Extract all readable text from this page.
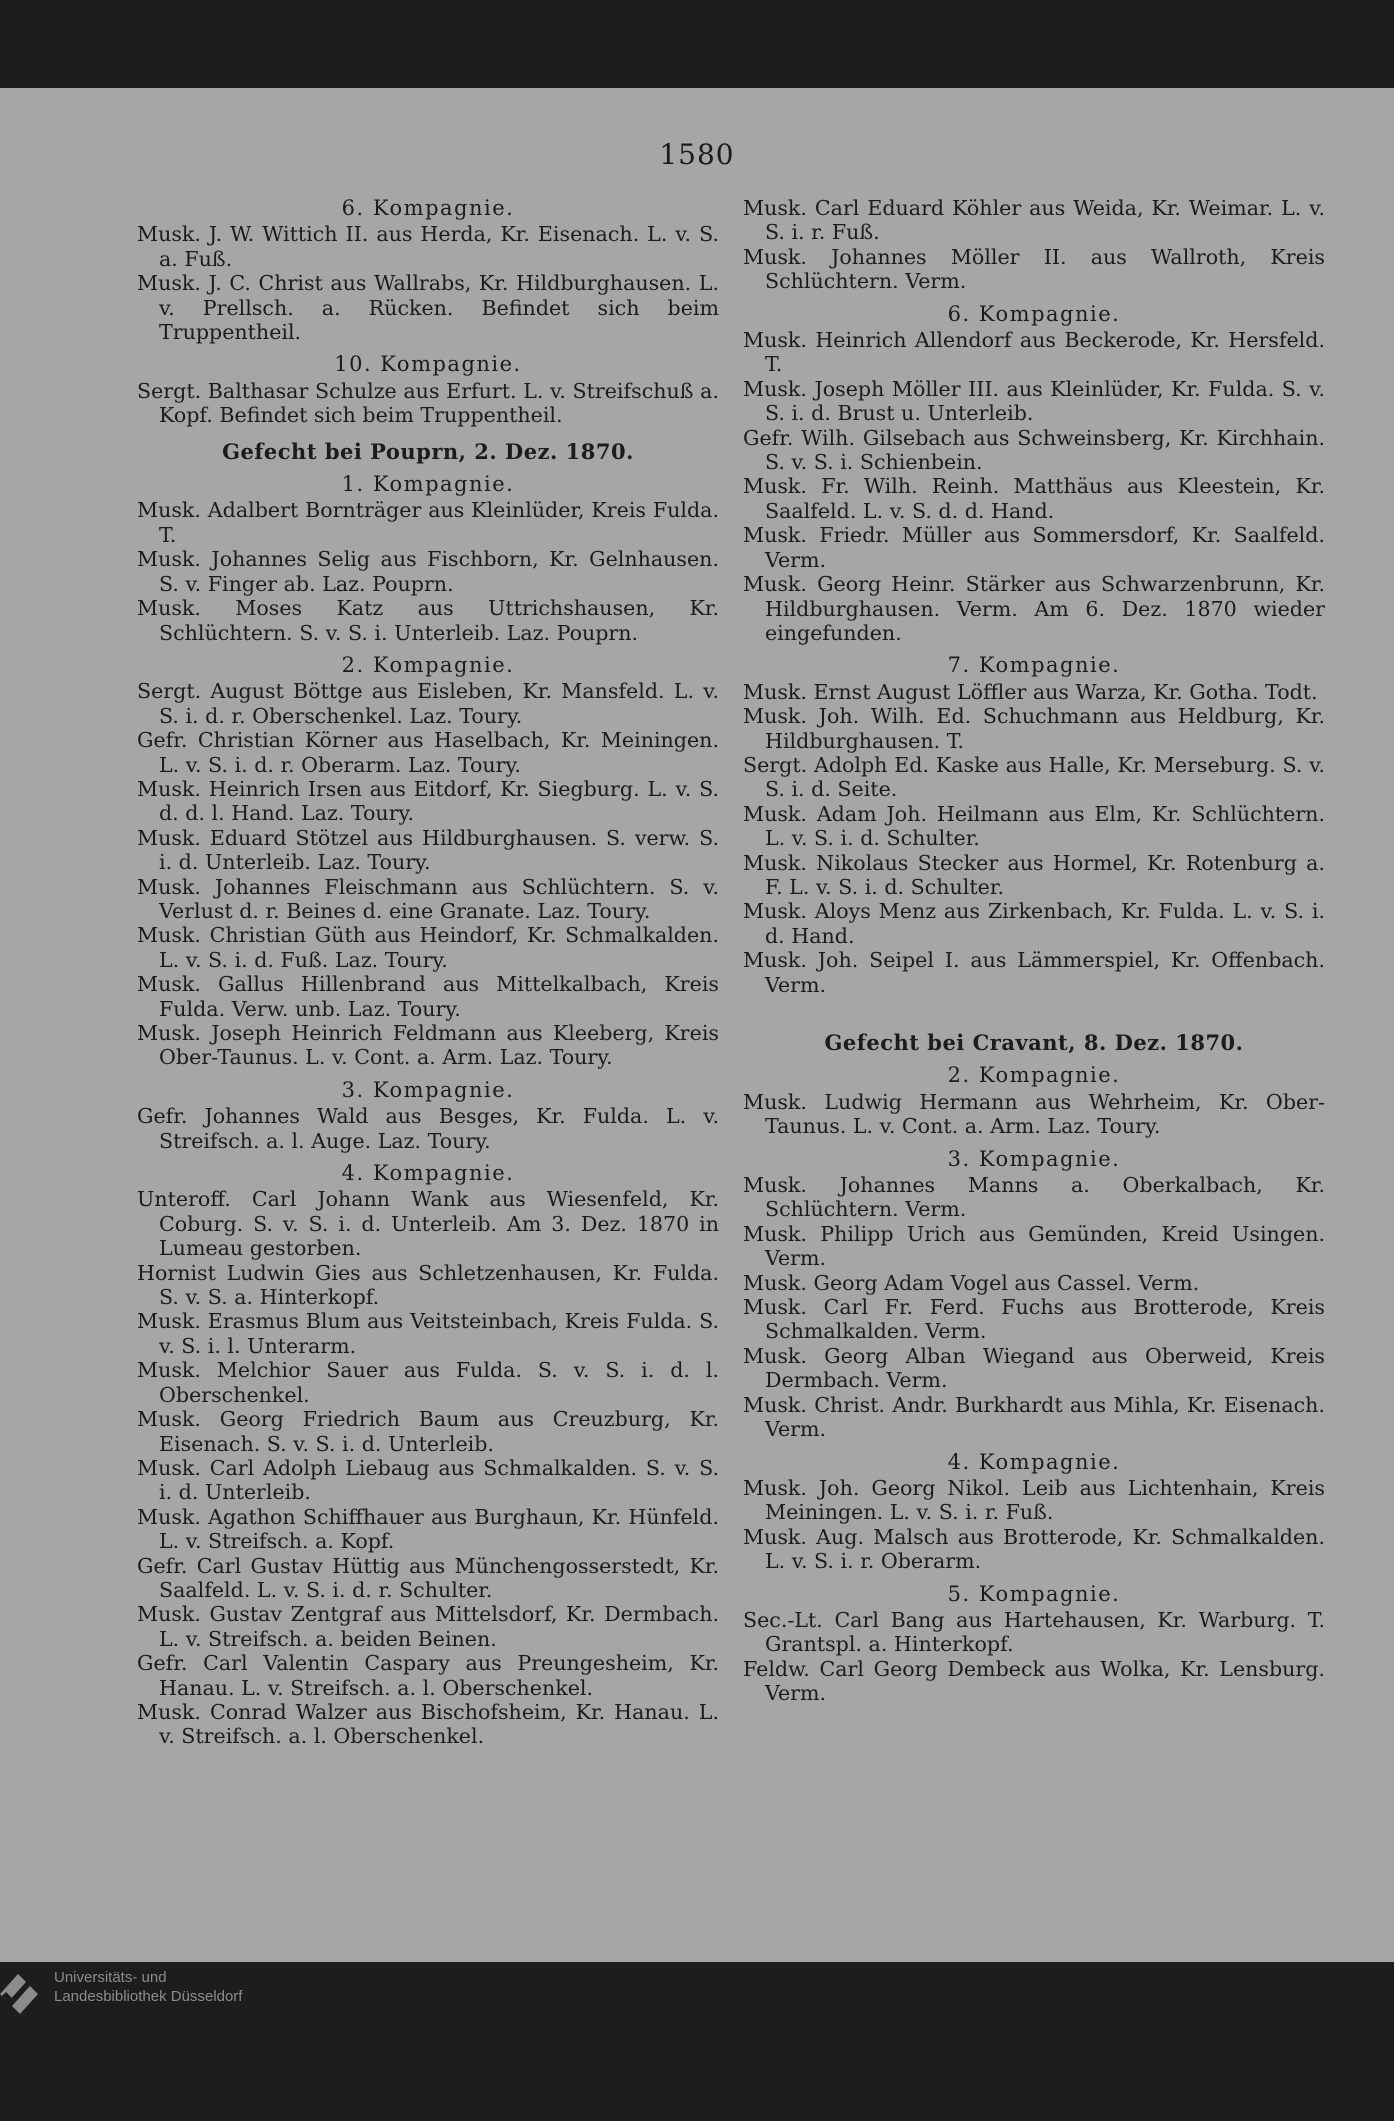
1580
6. Kompagnie.
Musk. J. W. Wittich II. aus Herda, Kr. Eisenach. L. v. S. a. Fuß.
Musk. J. C. Christ aus Wallrabs, Kr. Hildburghausen. L. v. Prellsch. a. Rücken. Befindet sich beim Truppentheil.
10. Kompagnie.
Sergt. Balthasar Schulze aus Erfurt. L. v. Streifschuß a. Kopf. Befindet sich beim Truppentheil.
Gefecht bei Pouprn, 2. Dez. 1870.
1. Kompagnie.
Musk. Adalbert Bornträger aus Kleinlüder, Kreis Fulda. T.
Musk. Johannes Selig aus Fischborn, Kr. Gelnhausen. S. v. Finger ab. Laz. Pouprn.
Musk. Moses Katz aus Uttrichshausen, Kr. Schlüchtern. S. v. S. i. Unterleib. Laz. Pouprn.
2. Kompagnie.
Sergt. August Böttge aus Eisleben, Kr. Mansfeld. L. v. S. i. d. r. Oberschenkel. Laz. Toury.
Gefr. Christian Körner aus Haselbach, Kr. Meiningen. L. v. S. i. d. r. Oberarm. Laz. Toury.
Musk. Heinrich Irsen aus Eitdorf, Kr. Siegburg. L. v. S. d. d. l. Hand. Laz. Toury.
Musk. Eduard Stötzel aus Hildburghausen. S. verw. S. i. d. Unterleib. Laz. Toury.
Musk. Johannes Fleischmann aus Schlüchtern. S. v. Verlust d. r. Beines d. eine Granate. Laz. Toury.
Musk. Christian Güth aus Heindorf, Kr. Schmalkalden. L. v. S. i. d. Fuß. Laz. Toury.
Musk. Gallus Hillenbrand aus Mittelkalbach, Kreis Fulda. Verw. unb. Laz. Toury.
Musk. Joseph Heinrich Feldmann aus Kleeberg, Kreis Ober-Taunus. L. v. Cont. a. Arm. Laz. Toury.
3. Kompagnie.
Gefr. Johannes Wald aus Besges, Kr. Fulda. L. v. Streifsch. a. l. Auge. Laz. Toury.
4. Kompagnie.
Unteroff. Carl Johann Wank aus Wiesenfeld, Kr. Coburg. S. v. S. i. d. Unterleib. Am 3. Dez. 1870 in Lumeau gestorben.
Hornist Ludwin Gies aus Schletzenhausen, Kr. Fulda. S. v. S. a. Hinterkopf.
Musk. Erasmus Blum aus Veitsteinbach, Kreis Fulda. S. v. S. i. l. Unterarm.
Musk. Melchior Sauer aus Fulda. S. v. S. i. d. l. Oberschenkel.
Musk. Georg Friedrich Baum aus Creuzburg, Kr. Eisenach. S. v. S. i. d. Unterleib.
Musk. Carl Adolph Liebaug aus Schmalkalden. S. v. S. i. d. Unterleib.
Musk. Agathon Schiffhauer aus Burghaun, Kr. Hünfeld. L. v. Streifsch. a. Kopf.
Gefr. Carl Gustav Hüttig aus Münchengosserstedt, Kr. Saalfeld. L. v. S. i. d. r. Schulter.
Musk. Gustav Zentgraf aus Mittelsdorf, Kr. Dermbach. L. v. Streifsch. a. beiden Beinen.
Gefr. Carl Valentin Caspary aus Preungesheim, Kr. Hanau. L. v. Streifsch. a. l. Oberschenkel.
Musk. Conrad Walzer aus Bischofsheim, Kr. Hanau. L. v. Streifsch. a. l. Oberschenkel.
Musk. Carl Eduard Köhler aus Weida, Kr. Weimar. L. v. S. i. r. Fuß.
Musk. Johannes Möller II. aus Wallroth, Kreis Schlüchtern. Verm.
6. Kompagnie.
Musk. Heinrich Allendorf aus Beckerode, Kr. Hersfeld. T.
Musk. Joseph Möller III. aus Kleinlüder, Kr. Fulda. S. v. S. i. d. Brust u. Unterleib.
Gefr. Wilh. Gilsebach aus Schweinsberg, Kr. Kirchhain. S. v. S. i. Schienbein.
Musk. Fr. Wilh. Reinh. Matthäus aus Kleestein, Kr. Saalfeld. L. v. S. d. d. Hand.
Musk. Friedr. Müller aus Sommersdorf, Kr. Saalfeld. Verm.
Musk. Georg Heinr. Stärker aus Schwarzenbrunn, Kr. Hildburghausen. Verm. Am 6. Dez. 1870 wieder eingefunden.
7. Kompagnie.
Musk. Ernst August Löffler aus Warza, Kr. Gotha. Todt.
Musk. Joh. Wilh. Ed. Schuchmann aus Heldburg, Kr. Hildburghausen. T.
Sergt. Adolph Ed. Kaske aus Halle, Kr. Merseburg. S. v. S. i. d. Seite.
Musk. Adam Joh. Heilmann aus Elm, Kr. Schlüchtern. L. v. S. i. d. Schulter.
Musk. Nikolaus Stecker aus Hormel, Kr. Rotenburg a. F. L. v. S. i. d. Schulter.
Musk. Aloys Menz aus Zirkenbach, Kr. Fulda. L. v. S. i. d. Hand.
Musk. Joh. Seipel I. aus Lämmerspiel, Kr. Offenbach. Verm.
Gefecht bei Cravant, 8. Dez. 1870.
2. Kompagnie.
Musk. Ludwig Hermann aus Wehrheim, Kr. Ober-Taunus. L. v. Cont. a. Arm. Laz. Toury.
3. Kompagnie.
Musk. Johannes Manns a. Oberkalbach, Kr. Schlüchtern. Verm.
Musk. Philipp Urich aus Gemünden, Kreid Usingen. Verm.
Musk. Georg Adam Vogel aus Cassel. Verm.
Musk. Carl Fr. Ferd. Fuchs aus Brotterode, Kreis Schmalkalden. Verm.
Musk. Georg Alban Wiegand aus Oberweid, Kreis Dermbach. Verm.
Musk. Christ. Andr. Burkhardt aus Mihla, Kr. Eisenach. Verm.
4. Kompagnie.
Musk. Joh. Georg Nikol. Leib aus Lichtenhain, Kreis Meiningen. L. v. S. i. r. Fuß.
Musk. Aug. Malsch aus Brotterode, Kr. Schmalkalden. L. v. S. i. r. Oberarm.
5. Kompagnie.
Sec.-Lt. Carl Bang aus Hartehausen, Kr. Warburg. T. Grantspl. a. Hinterkopf.
Feldw. Carl Georg Dembeck aus Wolka, Kr. Lensburg. Verm.
Universitäts- und
Landesbibliothek Düsseldorf
